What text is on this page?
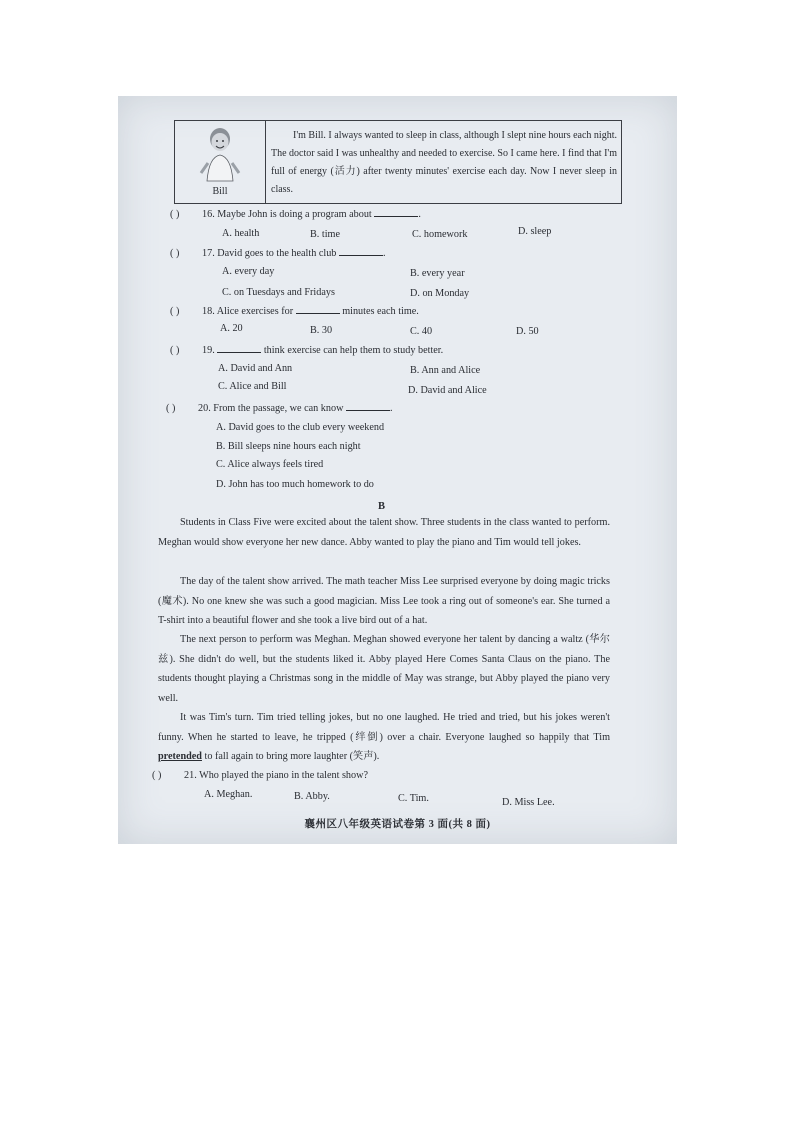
Bill
I'm Bill. I always wanted to sleep in class, although I slept nine hours each night. The doctor said I was unhealthy and needed to exercise. So I came here. I find that I'm full of energy (活力) after twenty minutes' exercise each day. Now I never sleep in class.
( ) 16. Maybe John is doing a program about	.
A. health	B. time	C. homework	D. sleep
( ) 17. David goes to the health club	.
A. every day	B. every year
C. on Tuesdays and Fridays	D. on Monday
( ) 18. Alice exercises for	minutes each time.
A. 20	B. 30	C. 40	D. 50
( ) 19.	think exercise can help them to study better.
A. David and Ann	B. Ann and Alice
C. Alice and Bill	D. David and Alice
( ) 20. From the passage, we can know	.
A. David goes to the club every weekend
B. Bill sleeps nine hours each night
C. Alice always feels tired
D. John has too much homework to do
B
Students in Class Five were excited about the talent show. Three students in the class wanted to perform. Meghan would show everyone her new dance. Abby wanted to play the piano and Tim would tell jokes.
The day of the talent show arrived. The math teacher Miss Lee surprised everyone by doing magic tricks (魔术). No one knew she was such a good magician. Miss Lee took a ring out of someone's ear. She turned a T-shirt into a beautiful flower and she took a live bird out of a hat.
The next person to perform was Meghan. Meghan showed everyone her talent by dancing a waltz (华尔兹). She didn't do well, but the students liked it. Abby played Here Comes Santa Claus on the piano. The students thought playing a Christmas song in the middle of May was strange, but Abby played the piano very well.
It was Tim's turn. Tim tried telling jokes, but no one laughed. He tried and tried, but his jokes weren't funny. When he started to leave, he tripped (绊倒) over a chair. Everyone laughed so happily that Tim pretended to fall again to bring more laughter (笑声).
( ) 21. Who played the piano in the talent show?
A. Meghan.	B. Abby.	C. Tim.	D. Miss Lee.
襄州区八年级英语试卷第 3 面(共 8 面)
